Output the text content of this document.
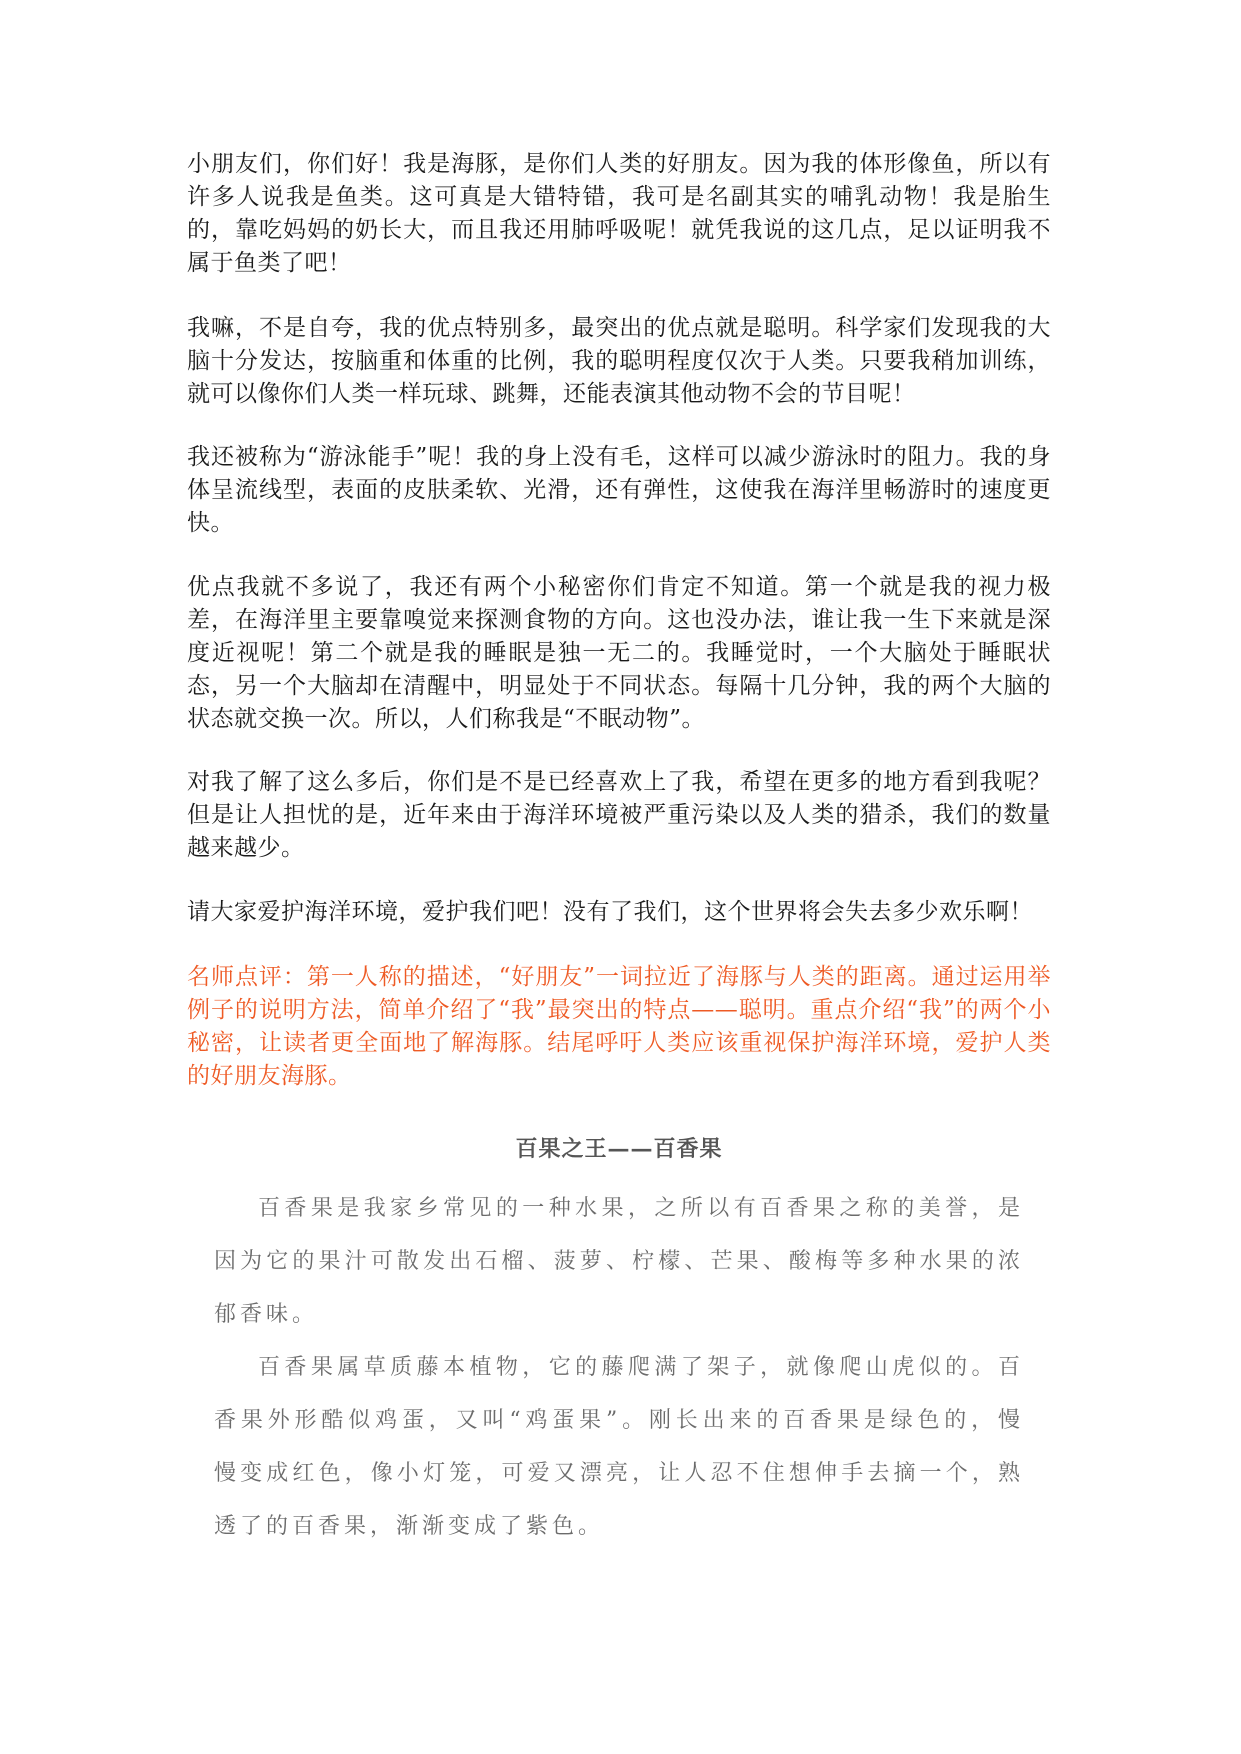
小朋友们，你们好！我是海豚，是你们人类的好朋友。因为我的体形像鱼，所以有许多人说我是鱼类。这可真是大错特错，我可是名副其实的哺乳动物！我是胎生的，靠吃妈妈的奶长大，而且我还用肺呼吸呢！就凭我说的这几点，足以证明我不属于鱼类了吧！

我嘛，不是自夸，我的优点特别多，最突出的优点就是聪明。科学家们发现我的大脑十分发达，按脑重和体重的比例，我的聪明程度仅次于人类。只要我稍加训练，就可以像你们人类一样玩球、跳舞，还能表演其他动物不会的节目呢！

我还被称为“游泳能手”呢！我的身上没有毛，这样可以减少游泳时的阻力。我的身体呈流线型，表面的皮肤柔软、光滑，还有弹性，这使我在海洋里畅游时的速度更快。

优点我就不多说了，我还有两个小秘密你们肯定不知道。第一个就是我的视力极差，在海洋里主要靠嗅觉来探测食物的方向。这也没办法，谁让我一生下来就是深度近视呢！第二个就是我的睡眠是独一无二的。我睡觉时，一个大脑处于睡眠状态，另一个大脑却在清醒中，明显处于不同状态。每隔十几分钟，我的两个大脑的状态就交换一次。所以，人们称我是“不眠动物”。

对我了解了这么多后，你们是不是已经喜欢上了我，希望在更多的地方看到我呢？但是让人担忧的是，近年来由于海洋环境被严重污染以及人类的猎杀，我们的数量越来越少。

请大家爱护海洋环境，爱护我们吧！没有了我们，这个世界将会失去多少欢乐啊！

名师点评：第一人称的描述，“好朋友”一词拉近了海豚与人类的距离。通过运用举例子的说明方法，简单介绍了“我”最突出的特点——聪明。重点介绍“我”的两个小秘密，让读者更全面地了解海豚。结尾呼吁人类应该重视保护海洋环境，爱护人类的好朋友海豚。

百果之王——百香果

百香果是我家乡常见的一种水果，之所以有百香果之称的美誉，是因为它的果汁可散发出石榴、菠萝、柠檬、芒果、酸梅等多种水果的浓郁香味。

百香果属草质藤本植物，它的藤爬满了架子，就像爬山虎似的。百香果外形酷似鸡蛋，又叫“鸡蛋果”。刚长出来的百香果是绿色的，慢慢变成红色，像小灯笼，可爱又漂亮，让人忍不住想伸手去摘一个，熟透了的百香果，渐渐变成了紫色。
